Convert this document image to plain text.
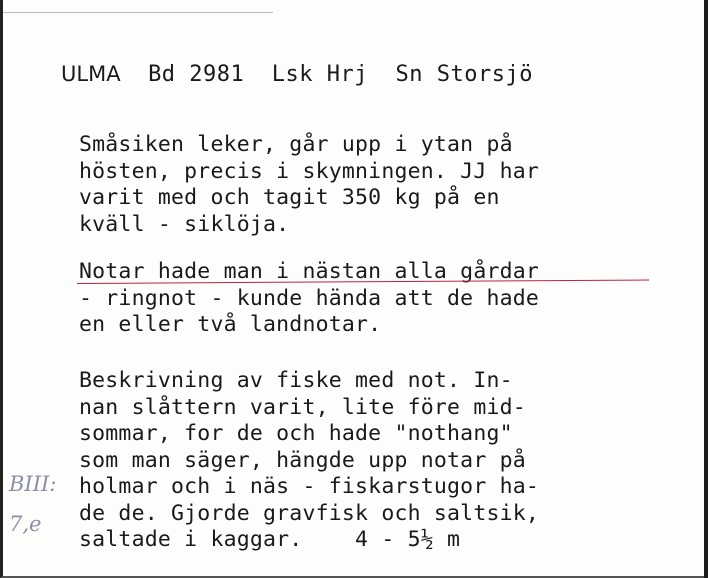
ULMA Bd 2981 Lsk Hrj Sn Storsjö
Småsiken leker, går upp i ytan på
hösten, precis i skymningen. JJ har
varit med och tagit 350 kg på en
kväll - siklöja.
Notar hade man i nästan alla gårdar
- ringnot - kunde hända att de hade
en eller två landnotar.
Beskrivning av fiske med not. In-
nan slåttern varit, lite före mid-
sommar, for de och hade "nothang"
som man säger, hängde upp notar på
holmar och i näs - fiskarstugor ha-
de de. Gjorde gravfisk och saltsik,
saltade i kaggar.    4 - 5½ m
BIII:
7,e
